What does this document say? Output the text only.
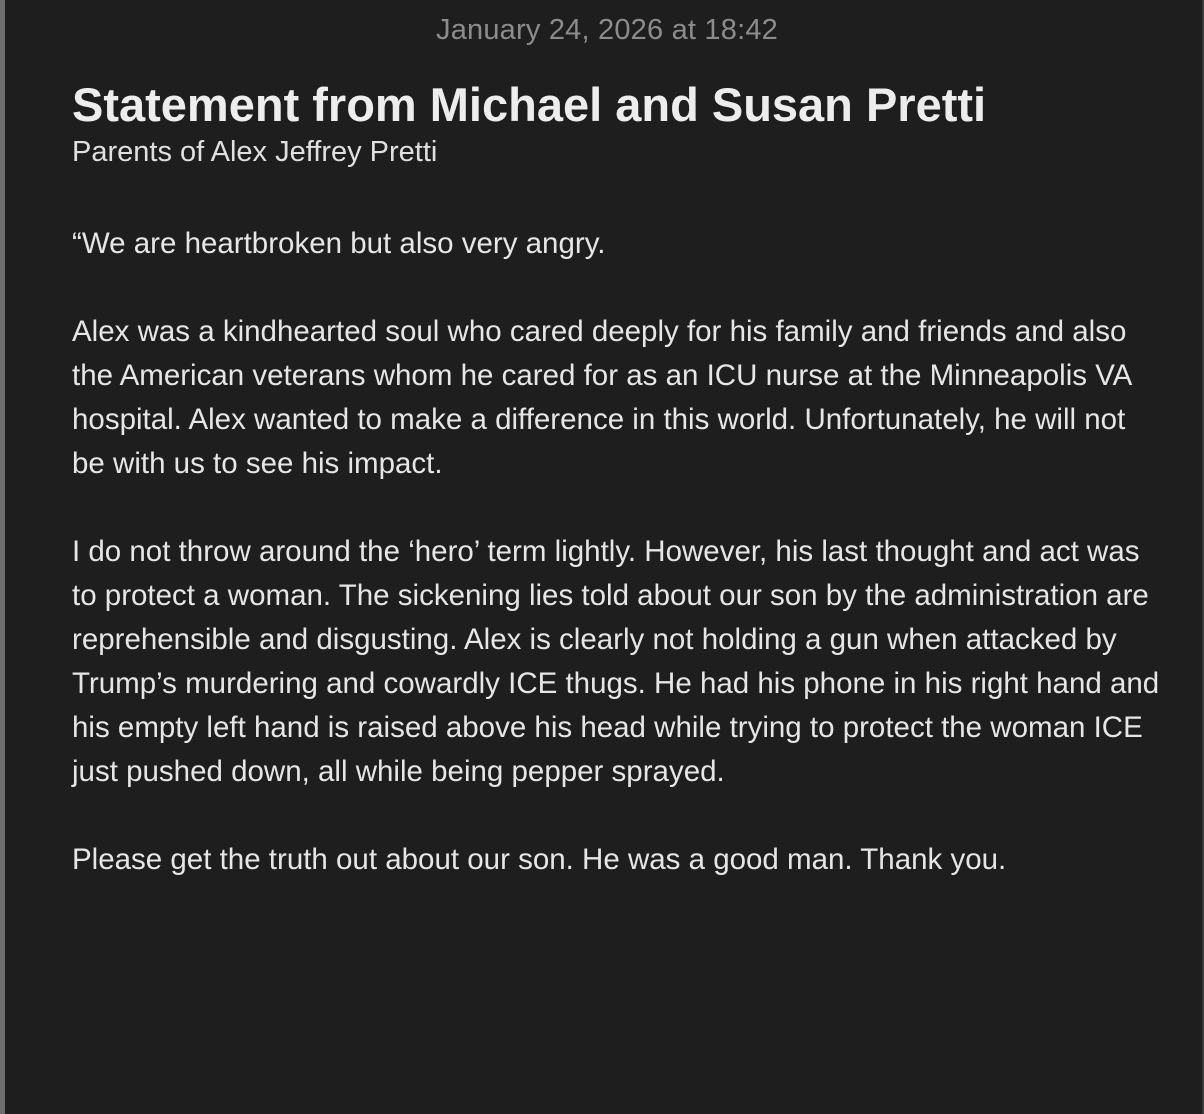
January 24, 2026 at 18:42

Statement from Michael and Susan Pretti

Parents of Alex Jeffrey Pretti

“We are heartbroken but also very angry.

Alex was a kindhearted soul who cared deeply for his family and friends and also the American veterans whom he cared for as an ICU nurse at the Minneapolis VA hospital. Alex wanted to make a difference in this world. Unfortunately, he will not be with us to see his impact.

I do not throw around the ‘hero’ term lightly. However, his last thought and act was to protect a woman. The sickening lies told about our son by the administration are reprehensible and disgusting. Alex is clearly not holding a gun when attacked by Trump’s murdering and cowardly ICE thugs. He had his phone in his right hand and his empty left hand is raised above his head while trying to protect the woman ICE just pushed down, all while being pepper sprayed.

Please get the truth out about our son. He was a good man. Thank you.
